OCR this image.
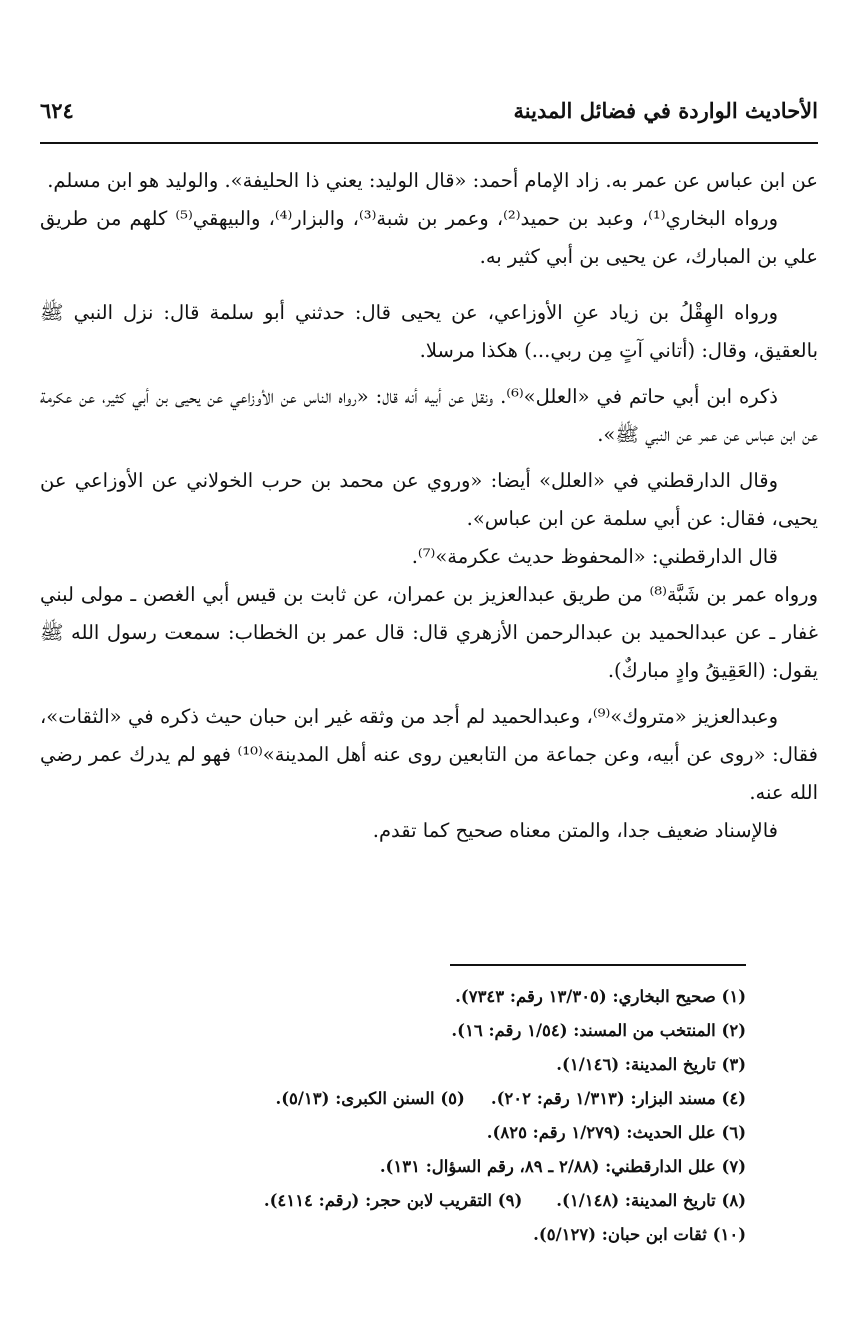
الأحاديث الواردة في فضائل المدينة
٦٢٤

عن ابن عباس عن عمر به. زاد الإمام أحمد: «قال الوليد: يعني ذا الحليفة». والوليد هو ابن مسلم.

ورواه البخاري⁽¹⁾، وعبد بن حميد⁽²⁾، وعمر بن شبة⁽³⁾، والبزار⁽⁴⁾، والبيهقي⁽⁵⁾ كلهم من طريق علي بن المبارك، عن يحيى بن أبي كثير به.

ورواه الهِقْلُ بن زياد عنِ الأوزاعي، عن يحيى قال: حدثني أبو سلمة قال: نزل النبي ﷺ بالعقيق، وقال: (أتاني آتٍ مِن ربي...) هكذا مرسلا.

ذكره ابن أبي حاتم في «العلل»⁽⁶⁾. ونقل عن أبيه أنه قال: «رواه الناس عن الأوزاعي عن يحيى بن أبي كثير، عن عكرمة عن ابن عباس عن عمر عن النبي ﷺ».

وقال الدارقطني في «العلل» أيضا: «وروي عن محمد بن حرب الخولاني عن الأوزاعي عن يحيى، فقال: عن أبي سلمة عن ابن عباس».

قال الدارقطني: «المحفوظ حديث عكرمة»⁽⁷⁾.

ورواه عمر بن شَبَّة⁽⁸⁾ من طريق عبدالعزيز بن عمران، عن ثابت بن قيس أبي الغصن ـ مولى لبني غفار ـ عن عبدالحميد بن عبدالرحمن الأزهري قال: قال عمر بن الخطاب: سمعت رسول الله ﷺ يقول: (العَقِيقُ وادٍ مباركٌ).

وعبدالعزيز «متروك»⁽⁹⁾، وعبدالحميد لم أجد من وثقه غير ابن حبان حيث ذكره في «الثقات»، فقال: «روى عن أبيه، وعن جماعة من التابعين روى عنه أهل المدينة»⁽¹⁰⁾ فهو لم يدرك عمر رضي الله عنه.

فالإسناد ضعيف جدا، والمتن معناه صحيح كما تقدم.

(١) صحيح البخاري: (١٣/٣٠٥ رقم: ٧٣٤٣).
(٢) المنتخب من المسند: (١/٥٤ رقم: ١٦).
(٣) تاريخ المدينة: (١/١٤٦).
(٤) مسند البزار: (١/٣١٣ رقم: ٢٠٢).
(٥) السنن الكبرى: (٥/١٣).
(٦) علل الحديث: (١/٢٧٩ رقم: ٨٢٥).
(٧) علل الدارقطني: (٢/٨٨ ـ ٨٩، رقم السؤال: ١٣١).
(٨) تاريخ المدينة: (١/١٤٨).
(٩) التقريب لابن حجر: (رقم: ٤١١٤).
(١٠) ثقات ابن حبان: (٥/١٢٧).
